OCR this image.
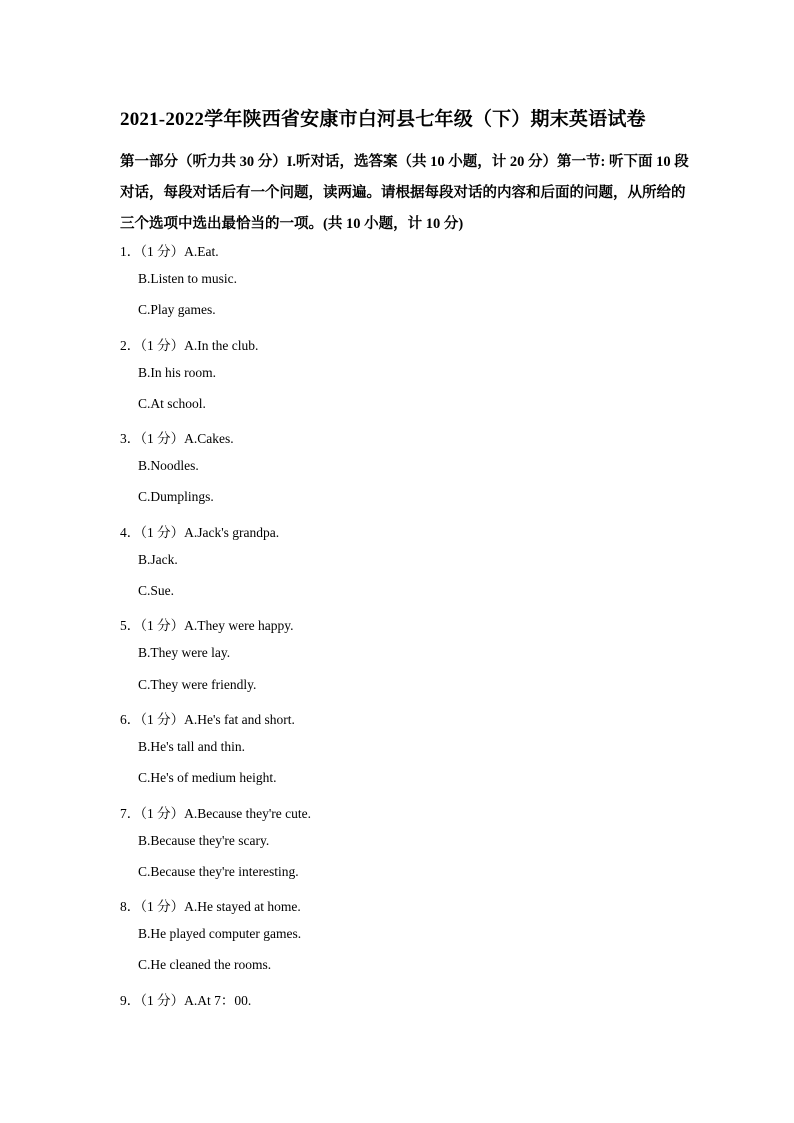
2021-2022学年陕西省安康市白河县七年级（下）期末英语试卷
第一部分（听力共 30 分）I.听对话，选答案（共 10 小题，计 20 分）第一节: 听下面 10 段
对话，每段对话后有一个问题，读两遍。请根据每段对话的内容和后面的问题，从所给的
三个选项中选出最恰当的一项。(共 10 小题，计 10 分)
1．（1 分）A.Eat.
B.Listen to music.
C.Play games.
2．（1 分）A.In the club.
B.In his room.
C.At school.
3．（1 分）A.Cakes.
B.Noodles.
C.Dumplings.
4．（1 分）A.Jack's grandpa.
B.Jack.
C.Sue.
5．（1 分）A.They were happy.
B.They were lay.
C.They were friendly.
6．（1 分）A.He's fat and short.
B.He's tall and thin.
C.He's of medium height.
7．（1 分）A.Because they're cute.
B.Because they're scary.
C.Because they're interesting.
8．（1 分）A.He stayed at home.
B.He played computer games.
C.He cleaned the rooms.
9．（1 分）A.At 7：00.
